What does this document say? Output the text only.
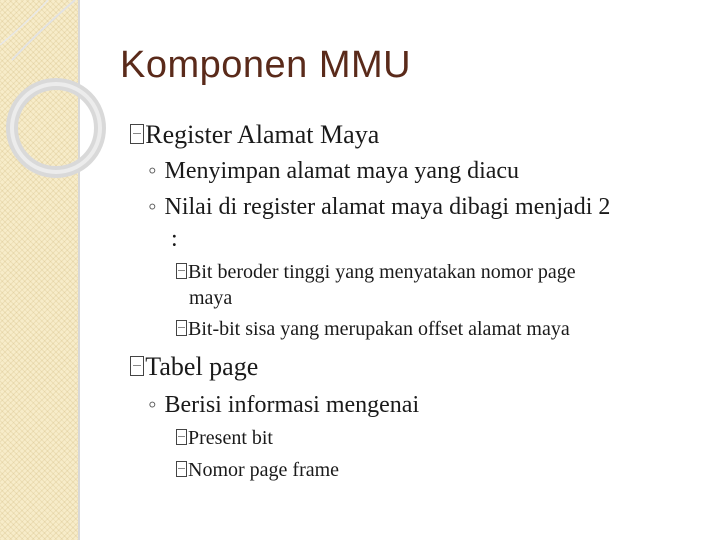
Komponen MMU
Register Alamat Maya
◦ Menyimpan alamat maya yang diacu
◦ Nilai di register alamat maya dibagi menjadi 2
:
Bit beroder tinggi yang menyatakan nomor page
maya
Bit-bit sisa yang merupakan offset alamat maya
Tabel page
◦ Berisi informasi mengenai
Present bit
Nomor page frame
